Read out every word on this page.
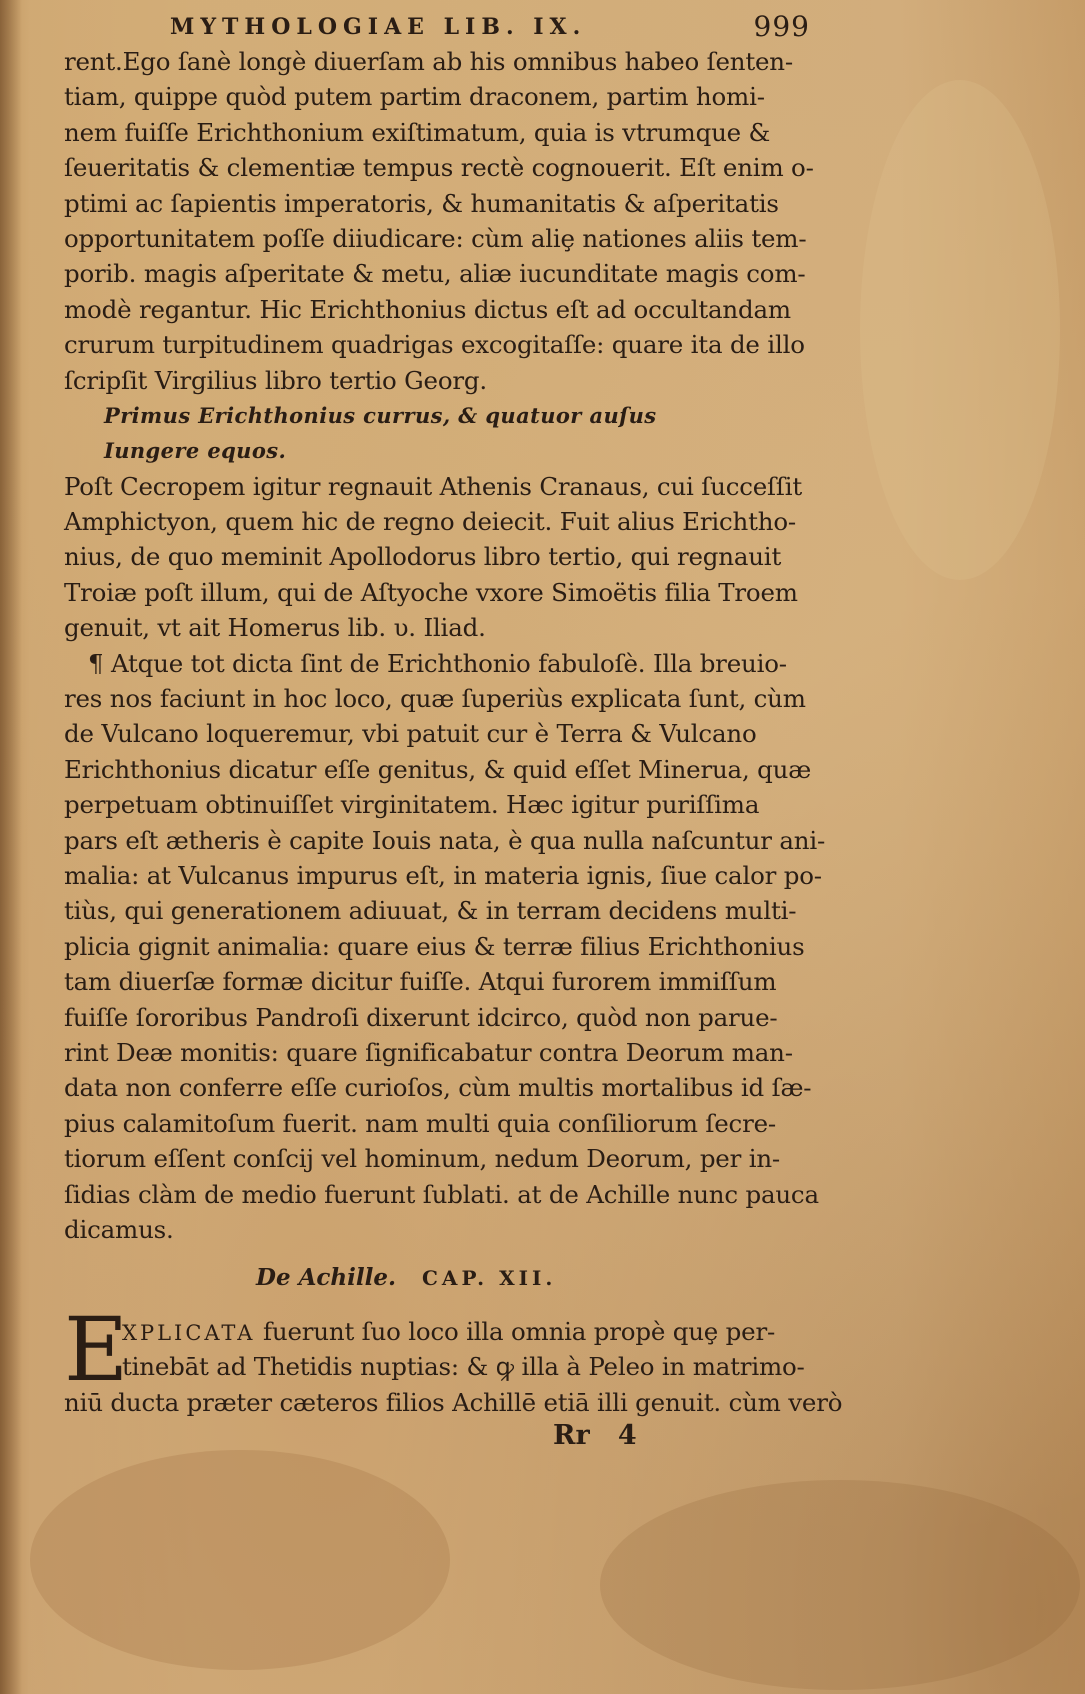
MYTHOLOGIAE LIB. IX.	999
rent.Ego ſanè longè diuerſam ab his omnibus habeo ſenten-
tiam, quippe quòd putem partim draconem, partim homi-
nem fuiſſe Erichthonium exiſtimatum, quia is vtrumque &
ſeueritatis & clementiæ tempus rectè cognouerit. Eſt enim o-
ptimi ac ſapientis imperatoris, & humanitatis & aſperitatis
opportunitatem poſſe diiudicare: cùm aliȩ nationes aliis tem-
porib. magis aſperitate & metu, aliæ iucunditate magis com-
modè regantur. Hic Erichthonius dictus eſt ad occultandam
crurum turpitudinem quadrigas excogitaſſe: quare ita de illo
ſcripſit Virgilius libro tertio Georg.
Primus Erichthonius currus, & quatuor auſus
Iungere equos.
Poſt Cecropem igitur regnauit Athenis Cranaus, cui ſucceſſit
Amphictyon, quem hic de regno deiecit. Fuit alius Erichtho-
nius, de quo meminit Apollodorus libro tertio, qui regnauit
Troiæ poſt illum, qui de Aſtyoche vxore Simoëtis filia Troem
genuit, vt ait Homerus lib. υ. Iliad.
¶ Atque tot dicta ſint de Erichthonio fabuloſè. Illa breuio-
res nos faciunt in hoc loco, quæ ſuperiùs explicata ſunt, cùm
de Vulcano loqueremur, vbi patuit cur è Terra & Vulcano
Erichthonius dicatur eſſe genitus, & quid eſſet Minerua, quæ
perpetuam obtinuiſſet virginitatem. Hæc igitur puriſſima
pars eſt ætheris è capite Iouis nata, è qua nulla naſcuntur ani-
malia: at Vulcanus impurus eſt, in materia ignis, ſiue calor po-
tiùs, qui generationem adiuuat, & in terram decidens multi-
plicia gignit animalia: quare eius & terræ filius Erichthonius
tam diuerſæ formæ dicitur fuiſſe. Atqui furorem immiſſum
fuiſſe ſororibus Pandroſi dixerunt idcirco, quòd non parue-
rint Deæ monitis: quare ſignificabatur contra Deorum man-
data non conferre eſſe curioſos, cùm multis mortalibus id ſæ-
pius calamitoſum fuerit. nam multi quia conſiliorum ſecre-
tiorum eſſent conſcij vel hominum, nedum Deorum, per in-
ſidias clàm de medio fuerunt ſublati. at de Achille nunc pauca
dicamus.
De Achille. CAP. XII.
E
XPLICATA fuerunt ſuo loco illa omnia propè quȩ per-
tinebāt ad Thetidis nuptias: & ꝙ illa à Peleo in matrimo-
niū ducta præter cæteros filios Achillē etiā illi genuit. cùm verò
Rr   4
